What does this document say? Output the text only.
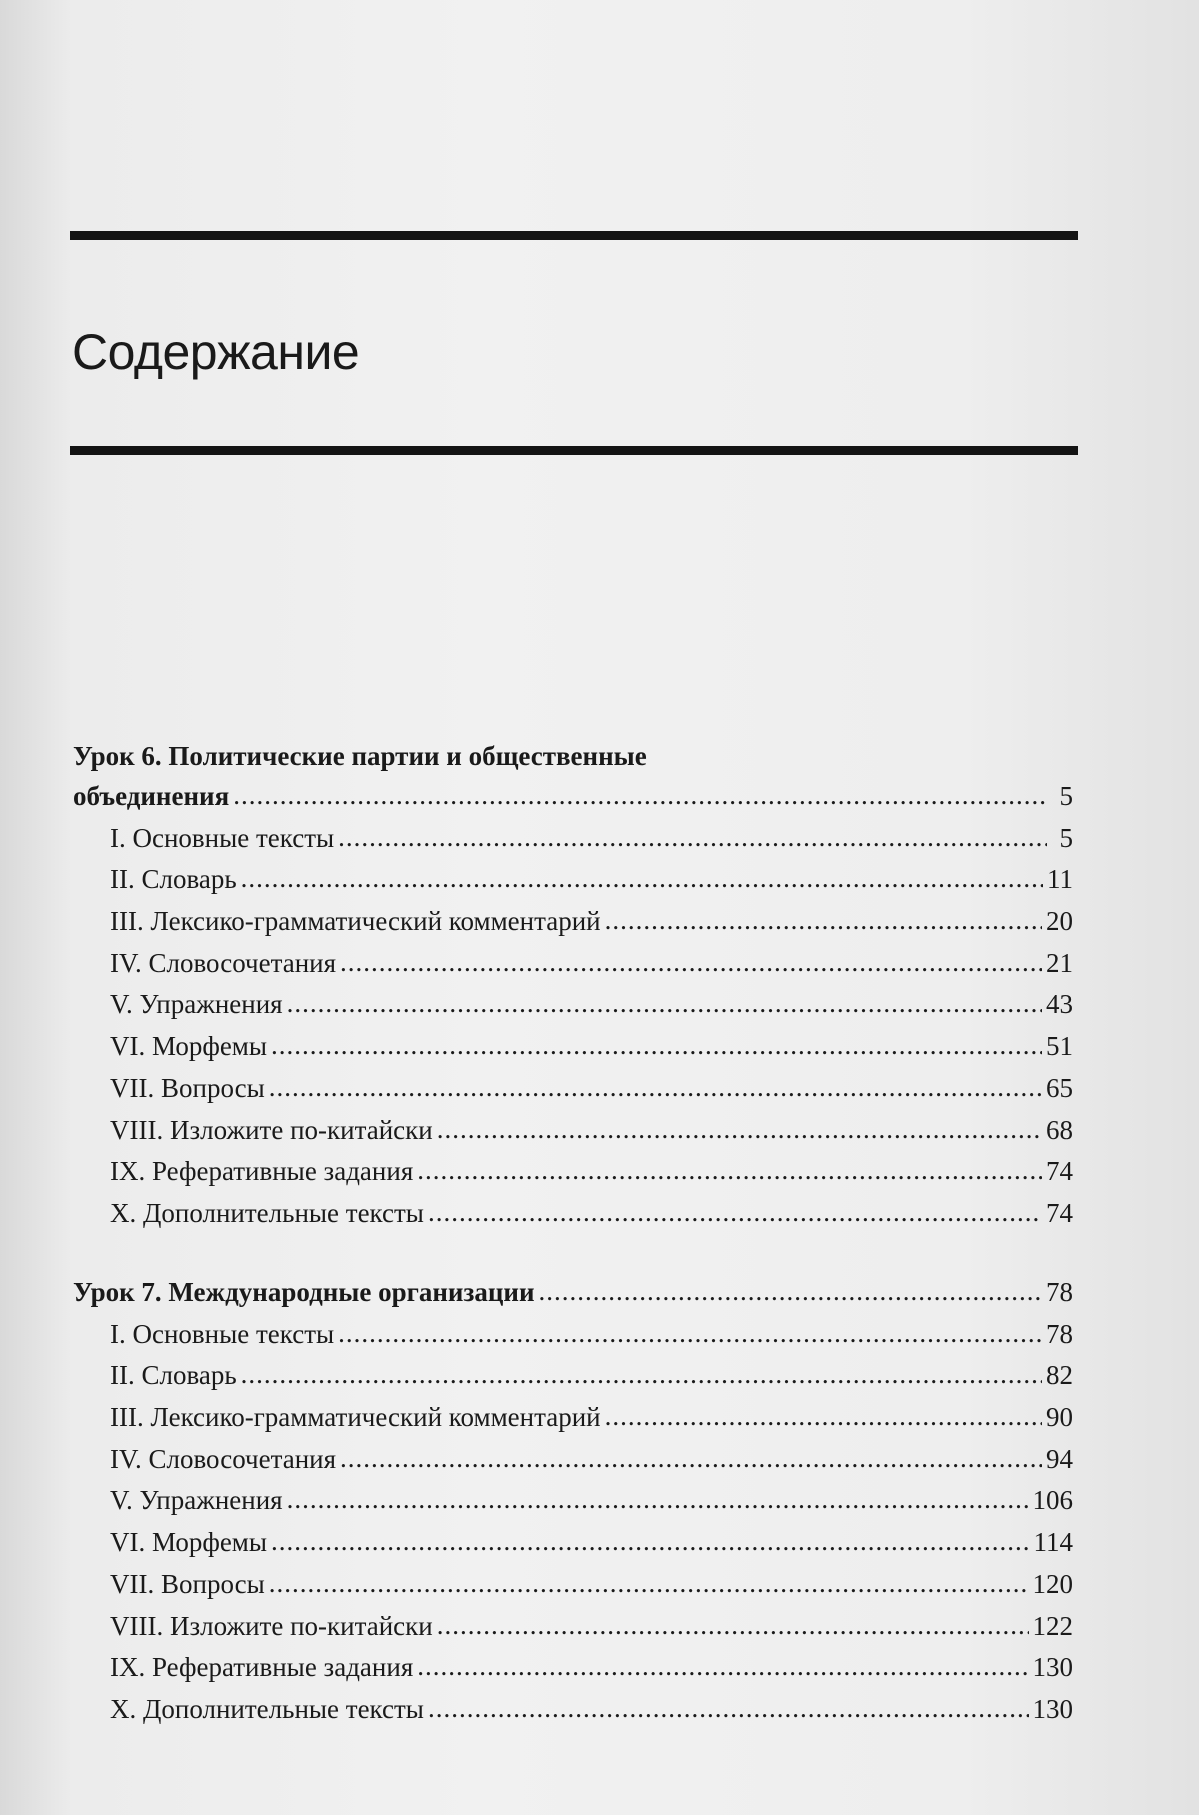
Содержание
Урок 6. Политические партии и общественные
объединения .....	5
I. Основные тексты .....	5
II. Словарь .....	11
III. Лексико-грамматический комментарий .....	20
IV. Словосочетания .....	21
V. Упражнения .....	43
VI. Морфемы .....	51
VII. Вопросы .....	65
VIII. Изложите по-китайски .....	68
IX. Реферативные задания .....	74
X. Дополнительные тексты .....	74
Урок 7. Международные организации .....	78
I. Основные тексты .....	78
II. Словарь .....	82
III. Лексико-грамматический комментарий .....	90
IV. Словосочетания .....	94
V. Упражнения .....	106
VI. Морфемы .....	114
VII. Вопросы .....	120
VIII. Изложите по-китайски .....	122
IX. Реферативные задания .....	130
X. Дополнительные тексты .....	130
